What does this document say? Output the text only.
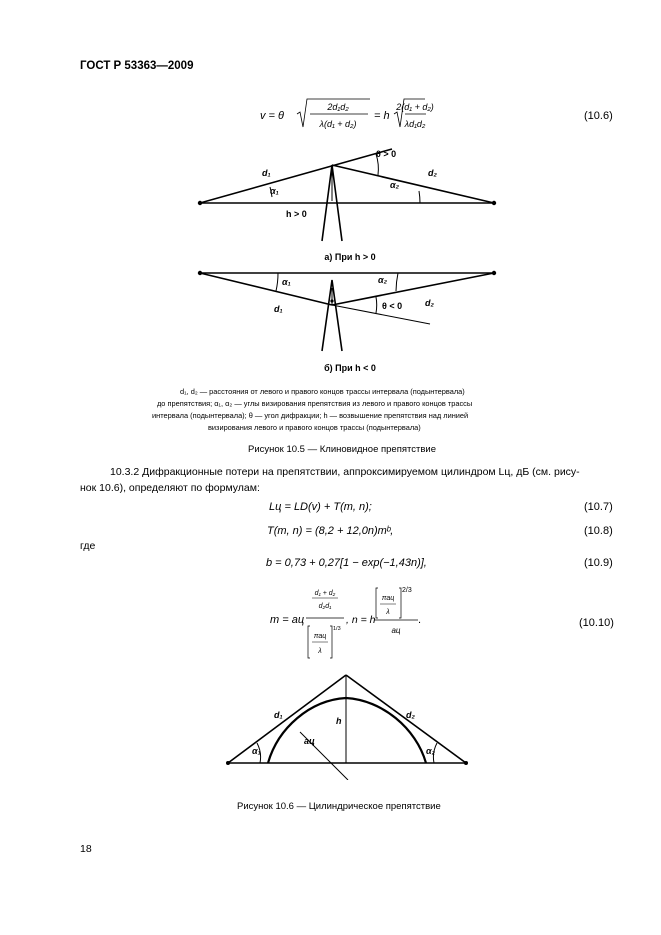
ГОСТ Р 53363—2009
v = θ
2d₁d₂
λ(d₁ + d₂)
= h
2(d₁ + d₂)
λd₁d₂
(10.6)
d₁	d₂
α₁
α₂
θ > 0
h > 0
d₁
d₂
α₁	α₂
θ < 0
а) При h > 0
б) При h < 0
d₁, d₂ — расстояния от левого и правого концов трассы интервала (подынтервала)
до препятствия; α₁, α₂ — углы визирования препятствия из левого и правого концов трассы
интервала (подынтервала); θ — угол дифракции; h — возвышение препятствия над линией
визирования левого и правого концов трассы (подынтервала)
Рисунок 10.5 — Клиновидное препятствие
10.3.2 Дифракционные потери на препятствии, аппроксимируемом цилиндром Lц, дБ (см. рису-
нок 10.6), определяют по формулам:
Lц = LD(v) + T(m, n);	(10.7)
T(m, n) = (8,2 + 12,0n)mᵇ,	(10.8)
где
b = 0,73 + 0,27[1 − exp(−1,43n)],	(10.9)
m = aц
d₁ + d₂
d₂d₁
πaц
λ
1/3
, n = h
πaц
λ
2/3
aц
.	(10.10)
d₁	d₂
α₁	α₂
h
aц
Рисунок 10.6 — Цилиндрическое препятствие
18
